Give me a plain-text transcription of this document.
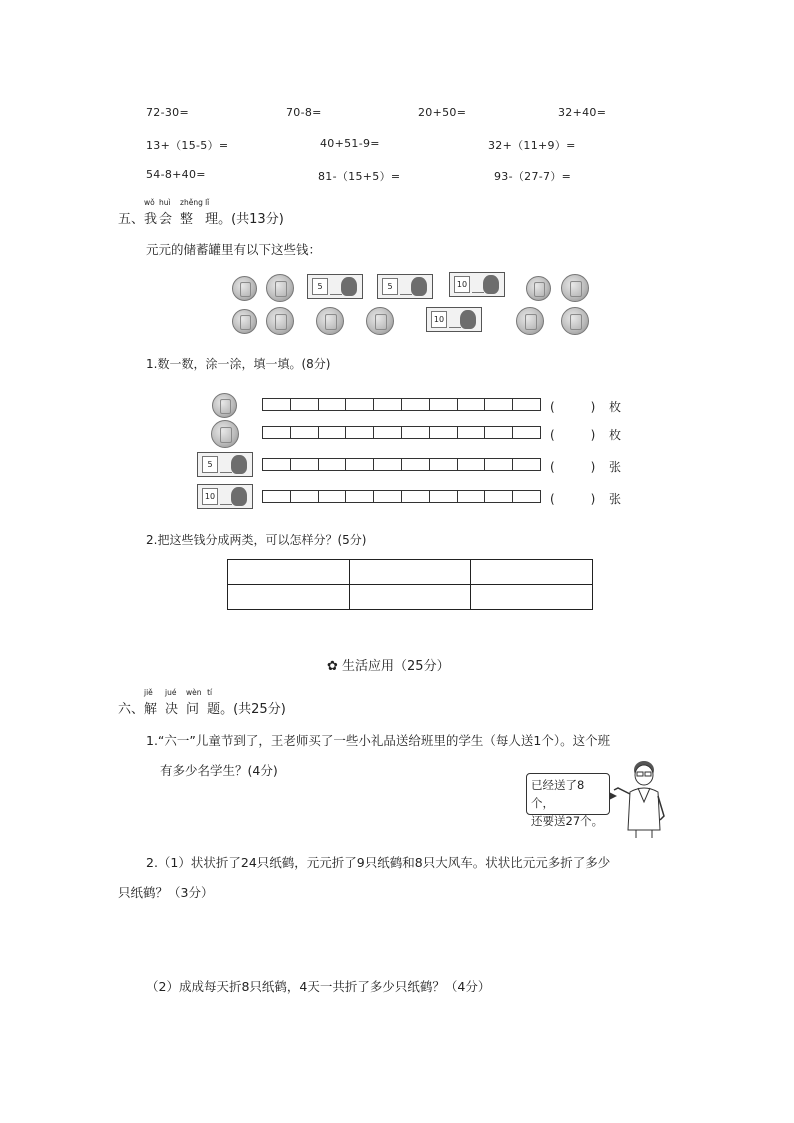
72-30=	70-8=	20+50=	32+40=
13+（15-5）=	40+51-9=	32+（11+9）=
54-8+40=	81-（15+5）=	93-（27-7）=
五、
wǒ
我
huì
会
zhěng
整
lǐ
理。(共13分)
元元的储蓄罐里有以下这些钱：
5	5	10
10
1.数一数，涂一涂，填一填。(8分)
(　　　) 枚
(　　　) 枚
5	(　　　) 张
10	(　　　) 张
2.把这些钱分成两类，可以怎样分？(5分)

✿ 生活应用（25分）
六、
jiě
解
jué
决
wèn
问
tí
题。(共25分)
1.“六一”儿童节到了，王老师买了一些小礼品送给班里的学生（每人送1个）。这个班
有多少名学生？(4分)
已经送了8个，
还要送27个。
2.（1）状状折了24只纸鹤，元元折了9只纸鹤和8只大风车。状状比元元多折了多少
只纸鹤？（3分）
（2）成成每天折8只纸鹤，4天一共折了多少只纸鹤？（4分）
